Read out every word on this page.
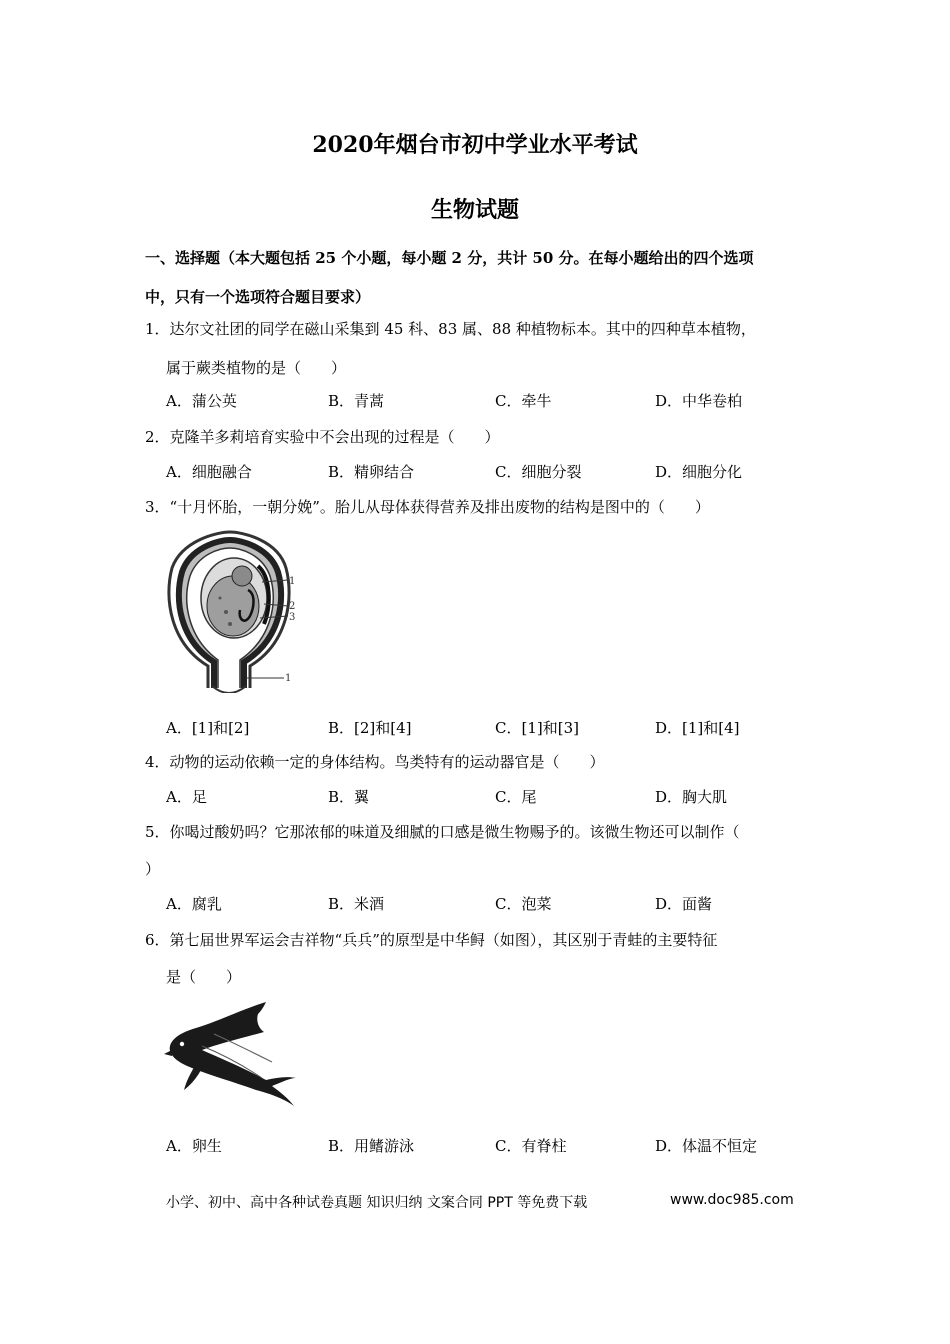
2020年烟台市初中学业水平考试
生物试题
一、选择题（本大题包括 25 个小题，每小题 2 分，共计 50 分。在每小题给出的四个选项
中，只有一个选项符合题目要求）
1．达尔文社团的同学在磁山采集到 45 科、83 属、88 种植物标本。其中的四种草本植物，
属于蕨类植物的是（　　）
A．蒲公英	B．青蒿	C．牵牛	D．中华卷柏
2．克隆羊多莉培育实验中不会出现的过程是（　　）
A．细胞融合	B．精卵结合	C．细胞分裂	D．细胞分化
3．“十月怀胎，一朝分娩”。胎儿从母体获得营养及排出废物的结构是图中的（　　）
1
2
3
1
A．[1]和[2]	B．[2]和[4]	C．[1]和[3]	D．[1]和[4]
4．动物的运动依赖一定的身体结构。鸟类特有的运动器官是（　　）
A．足	B．翼	C．尾	D．胸大肌
5．你喝过酸奶吗？它那浓郁的味道及细腻的口感是微生物赐予的。该微生物还可以制作（
）
A．腐乳	B．米酒	C．泡菜	D．面酱
6．第七届世界军运会吉祥物“兵兵”的原型是中华鲟（如图），其区别于青蛙的主要特征
是（　　）
A．卵生	B．用鳍游泳	C．有脊柱	D．体温不恒定
小学、初中、高中各种试卷真题 知识归纳 文案合同 PPT 等免费下载	www.doc985.com
